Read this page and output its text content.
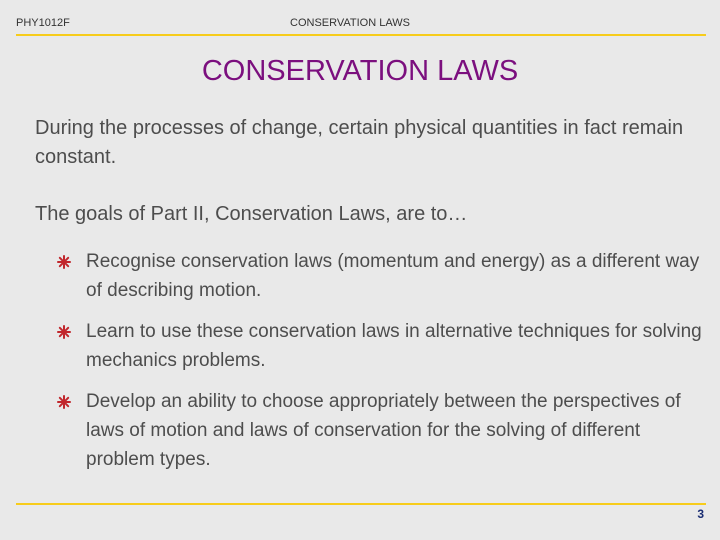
PHY1012F	CONSERVATION LAWS
CONSERVATION LAWS
During the processes of change, certain physical quantities in fact remain constant.
The goals of Part II, Conservation Laws, are to…
Recognise conservation laws (momentum and energy) as a different way of describing motion.
Learn to use these conservation laws in alternative techniques for solving mechanics problems.
Develop an ability to choose appropriately between the perspectives of laws of motion and laws of conservation for the solving of different problem types.
3
